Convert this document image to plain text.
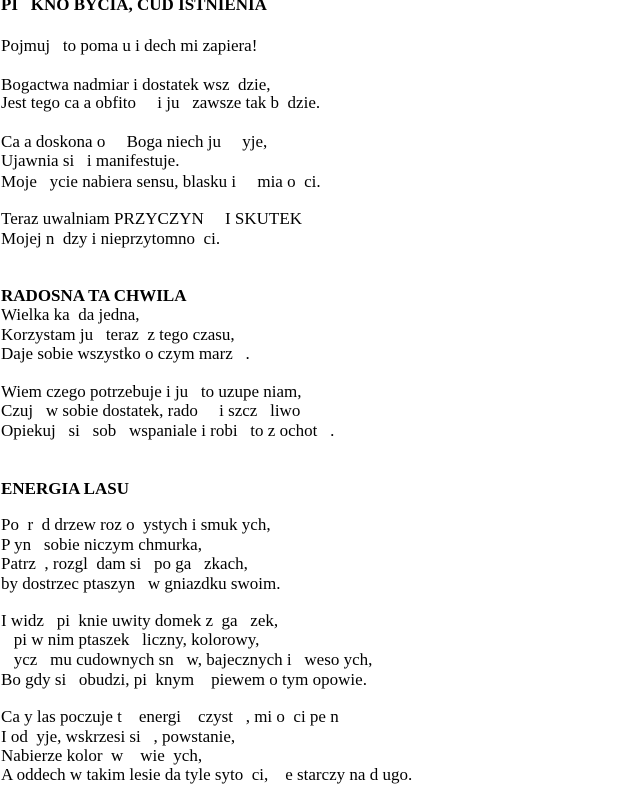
PI   KNO BYCIA, CUD ISTNIENIA
Pojmuj   to poma u i dech mi zapiera!
Bogactwa nadmiar i dostatek wsz  dzie,
Jest tego ca a obfito     i ju   zawsze tak b  dzie.
Ca a doskona o     Boga niech ju     yje,
Ujawnia si   i manifestuje.
Moje   ycie nabiera sensu, blasku i     mia o  ci.
Teraz uwalniam PRZYCZYN     I SKUTEK
Mojej n  dzy i nieprzytomno  ci.
RADOSNA TA CHWILA
Wielka ka  da jedna,
Korzystam ju   teraz  z tego czasu,
Daje sobie wszystko o czym marz   .
Wiem czego potrzebuje i ju   to uzupe niam,
Czuj   w sobie dostatek, rado     i szcz   liwo
Opiekuj   si   sob   wspaniale i robi   to z ochot   .
ENERGIA LASU
Po  r  d drzew roz o  ystych i smuk ych,
P yn   sobie niczym chmurka,
Patrz  , rozgl  dam si   po ga   zkach,
by dostrzec ptaszyn   w gniazdku swoim.
I widz   pi  knie uwity domek z  ga   zek,
pi w nim ptaszek   liczny, kolorowy,
ycz   mu cudownych sn   w, bajecznych i   weso ych,
Bo gdy si   obudzi, pi  knym    piewem o tym opowie.
Ca y las poczuje t    energi    czyst   , mi o  ci pe n
I od  yje, wskrzesi si   , powstanie,
Nabierze kolor  w    wie  ych,
A oddech w takim lesie da tyle syto  ci,    e starczy na d ugo.
